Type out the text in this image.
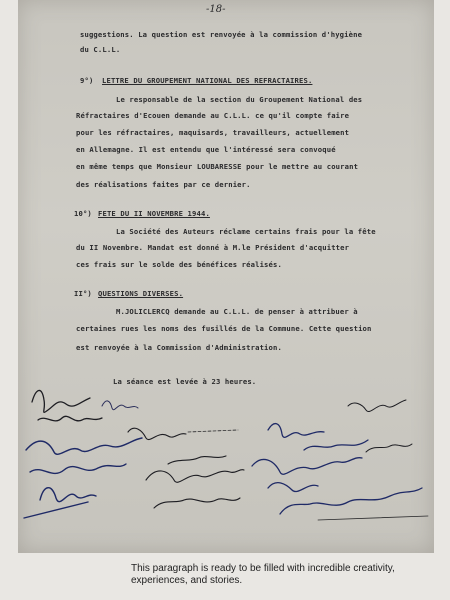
-18-
suggestions. La question est renvoyée à la commission d'hygiène
du C.L.L.
9°) LETTRE DU GROUPEMENT NATIONAL DES REFRACTAIRES.
Le responsable de la section du Groupement National des
Réfractaires d'Ecouen demande au C.L.L. ce qu'il compte faire
pour les réfractaires, maquisards, travailleurs, actuellement
en Allemagne. Il est entendu que l'intéressé sera convoqué
en même temps que Monsieur LOUBARESSE pour le mettre au courant
des réalisations faites par ce dernier.
10°) FETE DU II NOVEMBRE 1944.
La Société des Auteurs réclame certains frais pour la fête
du II Novembre. Mandat est donné à M.le Président d'acquitter
ces frais sur le solde des bénéfices réalisés.
II°) QUESTIONS DIVERSES.
M.JOLICLERCQ demande au C.L.L. de penser à attribuer à
certaines rues les noms des fusillés de la Commune. Cette question
est renvoyée à la Commission d'Administration.
La séance est levée à 23 heures.

This paragraph is ready to be filled with incredible creativity, experiences, and stories.
